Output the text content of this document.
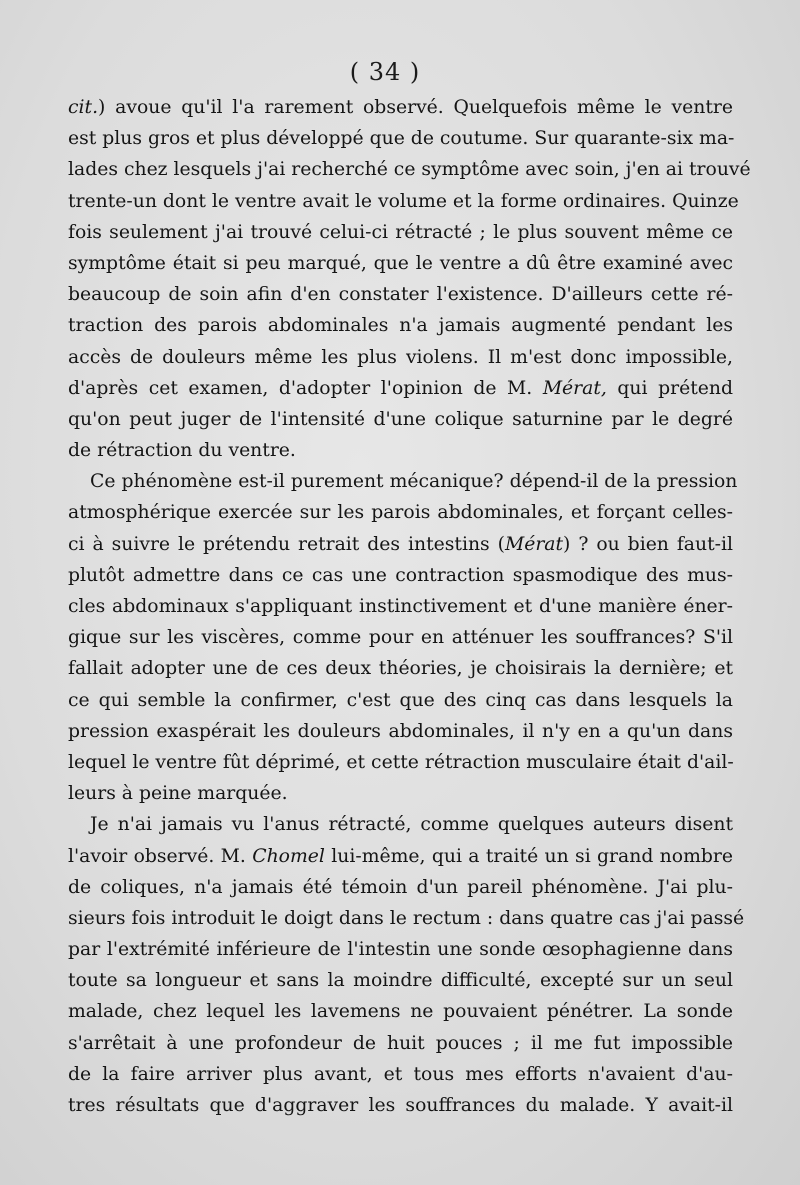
( 34 )
cit.) avoue qu'il l'a rarement observé. Quelquefois même le ventre
est plus gros et plus développé que de coutume. Sur quarante-six ma-
lades chez lesquels j'ai recherché ce symptôme avec soin, j'en ai trouvé
trente-un dont le ventre avait le volume et la forme ordinaires. Quinze
fois seulement j'ai trouvé celui-ci rétracté ; le plus souvent même ce
symptôme était si peu marqué, que le ventre a dû être examiné avec
beaucoup de soin afin d'en constater l'existence. D'ailleurs cette ré-
traction des parois abdominales n'a jamais augmenté pendant les
accès de douleurs même les plus violens. Il m'est donc impossible,
d'après cet examen, d'adopter l'opinion de M. Mérat, qui prétend
qu'on peut juger de l'intensité d'une colique saturnine par le degré
de rétraction du ventre.
Ce phénomène est-il purement mécanique? dépend-il de la pression
atmosphérique exercée sur les parois abdominales, et forçant celles-
ci à suivre le prétendu retrait des intestins (Mérat) ? ou bien faut-il
plutôt admettre dans ce cas une contraction spasmodique des mus-
cles abdominaux s'appliquant instinctivement et d'une manière éner-
gique sur les viscères, comme pour en atténuer les souffrances? S'il
fallait adopter une de ces deux théories, je choisirais la dernière; et
ce qui semble la confirmer, c'est que des cinq cas dans lesquels la
pression exaspérait les douleurs abdominales, il n'y en a qu'un dans
lequel le ventre fût déprimé, et cette rétraction musculaire était d'ail-
leurs à peine marquée.
Je n'ai jamais vu l'anus rétracté, comme quelques auteurs disent
l'avoir observé. M. Chomel lui-même, qui a traité un si grand nombre
de coliques, n'a jamais été témoin d'un pareil phénomène. J'ai plu-
sieurs fois introduit le doigt dans le rectum : dans quatre cas j'ai passé
par l'extrémité inférieure de l'intestin une sonde œsophagienne dans
toute sa longueur et sans la moindre difficulté, excepté sur un seul
malade, chez lequel les lavemens ne pouvaient pénétrer. La sonde
s'arrêtait à une profondeur de huit pouces ; il me fut impossible
de la faire arriver plus avant, et tous mes efforts n'avaient d'au-
tres résultats que d'aggraver les souffrances du malade. Y avait-il
